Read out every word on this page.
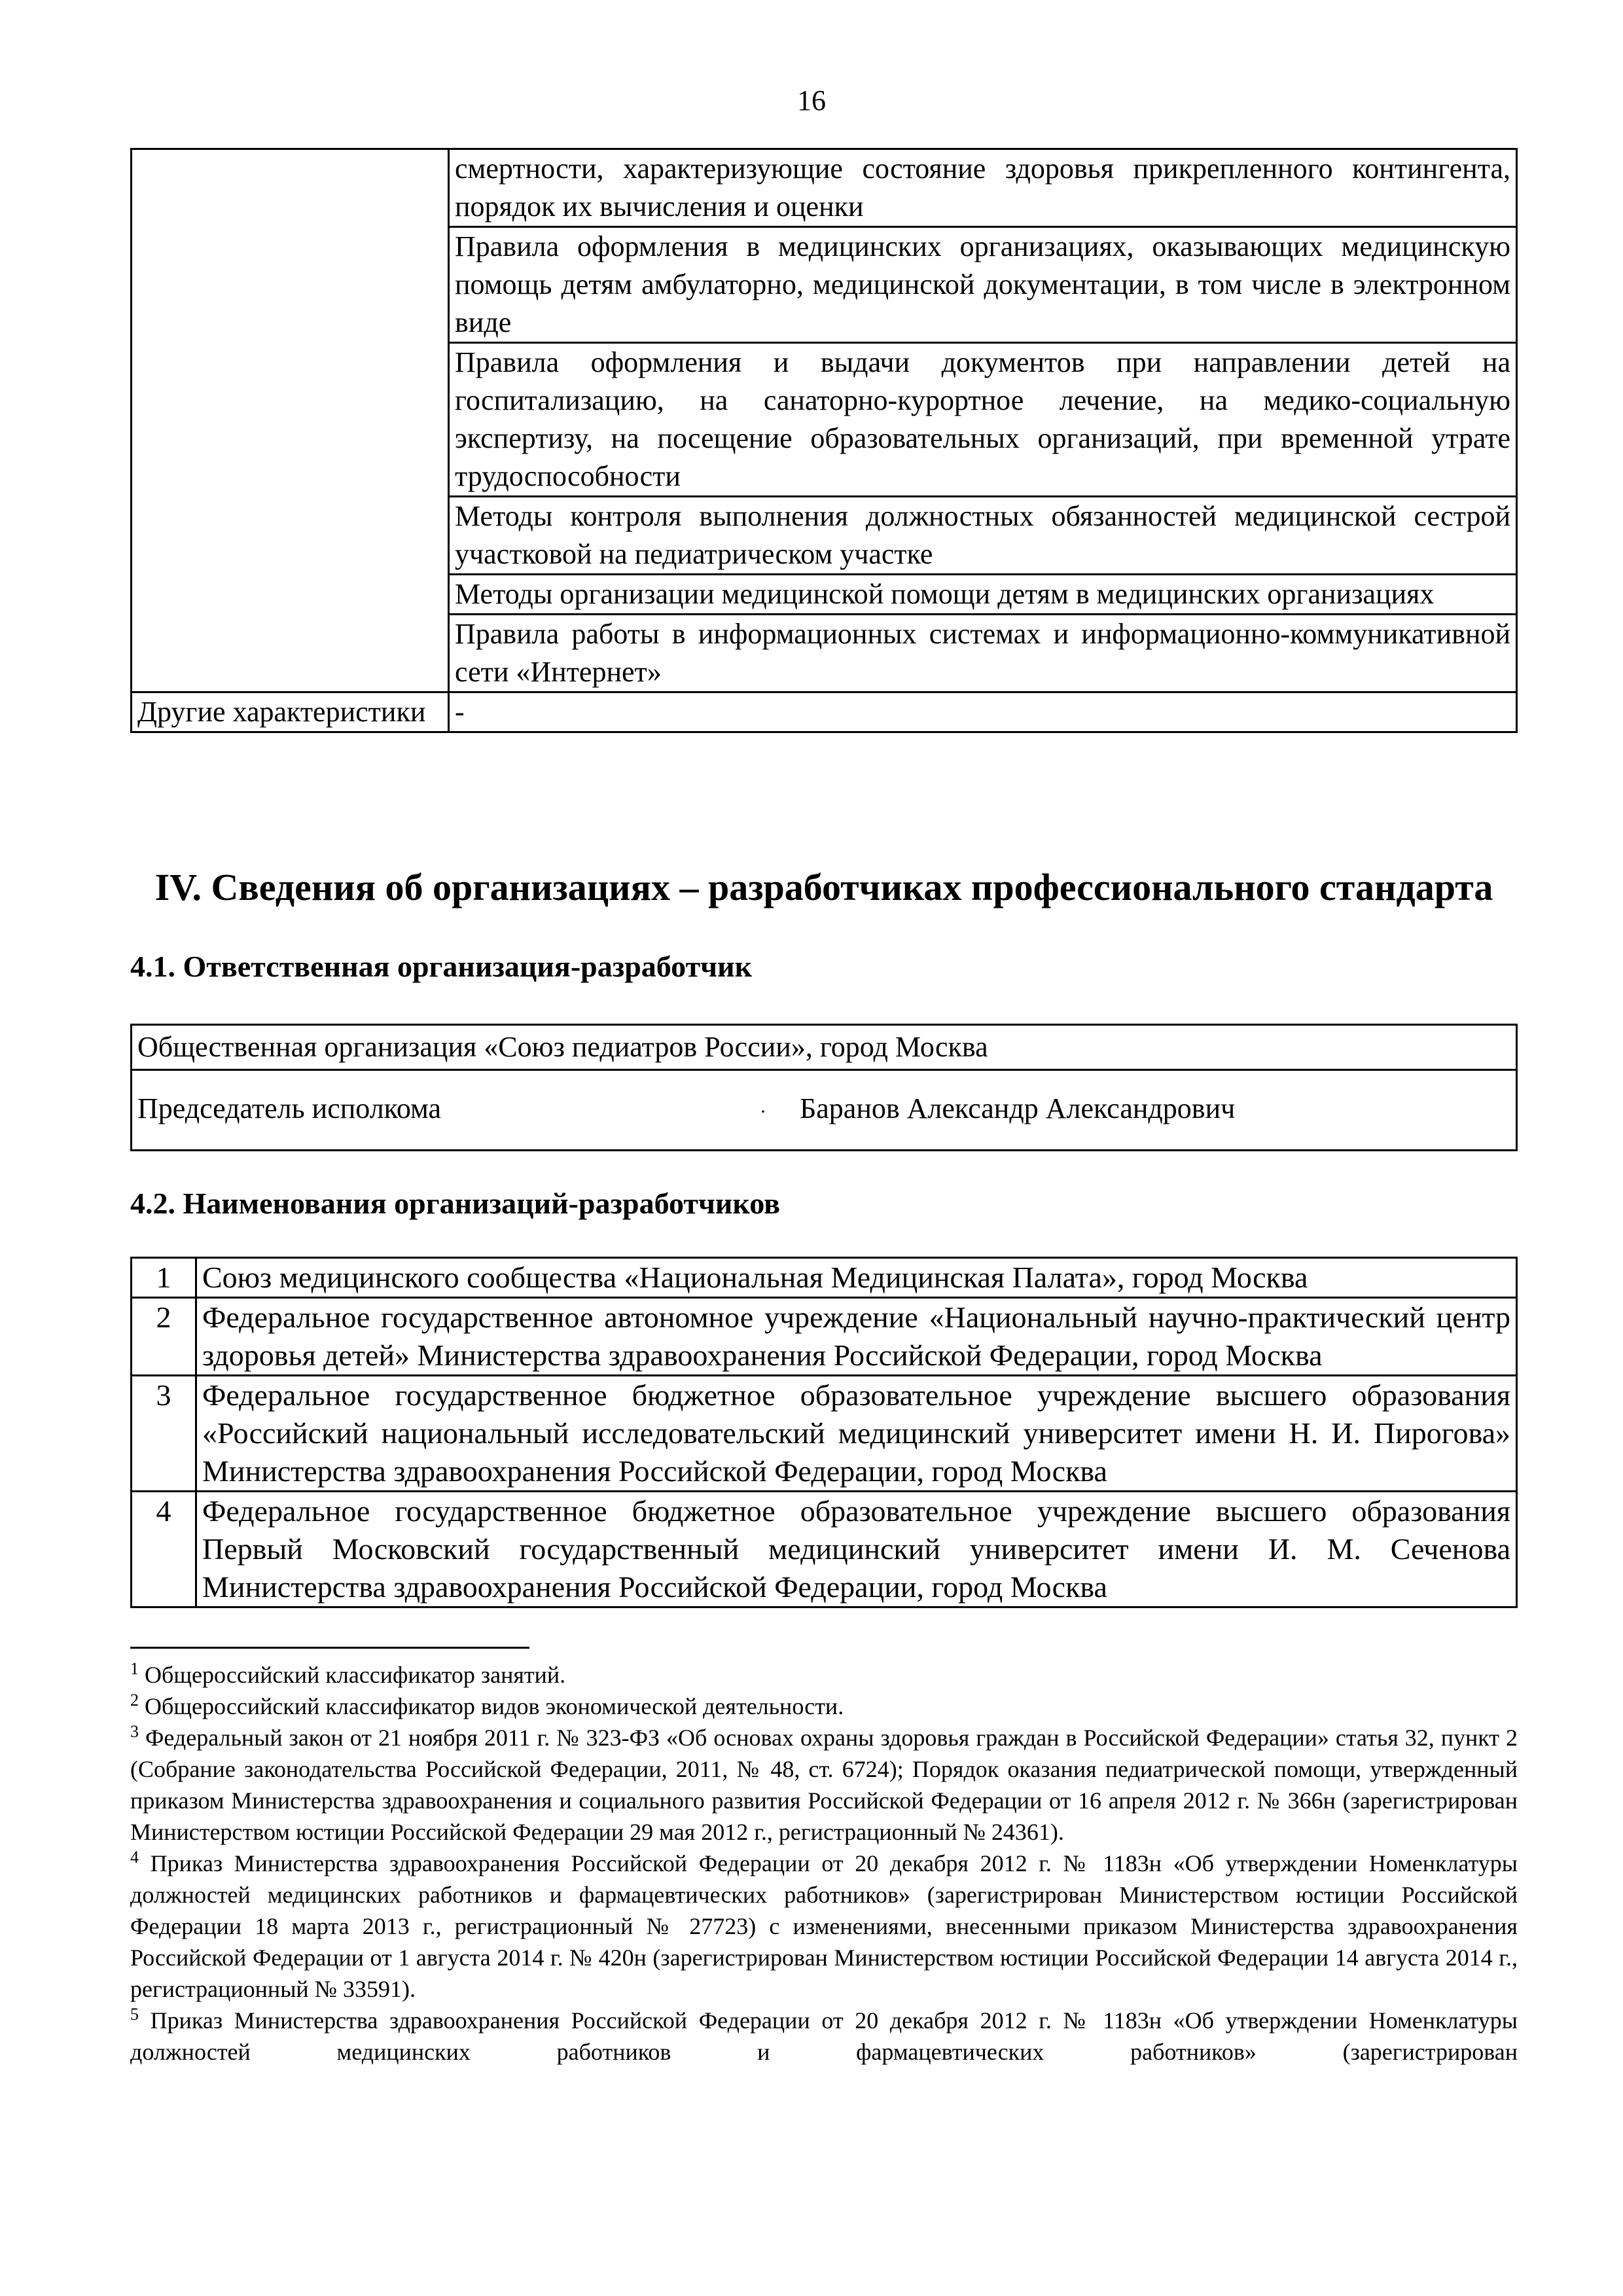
16
	смертности, характеризующие состояние здоровья прикрепленного контингента, порядок их вычисления и оценки
	Правила оформления в медицинских организациях, оказывающих медицинскую помощь детям амбулаторно, медицинской документации, в том числе в электронном виде
	Правила оформления и выдачи документов при направлении детей на госпитализацию, на санаторно-курортное лечение, на медико-социальную экспертизу, на посещение образовательных организаций, при временной утрате трудоспособности
	Методы контроля выполнения должностных обязанностей медицинской сестрой участковой на педиатрическом участке
	Методы организации медицинской помощи детям в медицинских организациях
	Правила работы в информационных системах и информационно-коммуникативной сети «Интернет»
Другие характеристики	-
IV. Сведения об организациях – разработчиках профессионального стандарта
4.1. Ответственная организация-разработчик
Общественная организация «Союз педиатров России», город Москва
Председатель исполкома	· Баранов Александр Александрович
4.2. Наименования организаций-разработчиков
1	Союз медицинского сообщества «Национальная Медицинская Палата», город Москва
2	Федеральное государственное автономное учреждение «Национальный научно-практический центр здоровья детей» Министерства здравоохранения Российской Федерации, город Москва
3	Федеральное государственное бюджетное образовательное учреждение высшего образования «Российский национальный исследовательский медицинский университет имени Н. И. Пирогова» Министерства здравоохранения Российской Федерации, город Москва
4	Федеральное государственное бюджетное образовательное учреждение высшего образования Первый Московский государственный медицинский университет имени И. М. Сеченова Министерства здравоохранения Российской Федерации, город Москва

$^1$ Общероссийский классификатор занятий.

$^2$ Общероссийский классификатор видов экономической деятельности.

$^3$ Федеральный закон от 21 ноября 2011 г. № 323-ФЗ «Об основах охраны здоровья граждан в Российской Федерации» статья 32, пункт 2 (Собрание законодательства Российской Федерации, 2011, № 48, ст. 6724); Порядок оказания педиатрической помощи, утвержденный приказом Министерства здравоохранения и социального развития Российской Федерации от 16 апреля 2012 г. № 366н (зарегистрирован Министерством юстиции Российской Федерации 29 мая 2012 г., регистрационный № 24361).

$^4$ Приказ Министерства здравоохранения Российской Федерации от 20 декабря 2012 г. № 1183н «Об утверждении Номенклатуры должностей медицинских работников и фармацевтических работников» (зарегистрирован Министерством юстиции Российской Федерации 18 марта 2013 г., регистрационный № 27723) с изменениями, внесенными приказом Министерства здравоохранения Российской Федерации от 1 августа 2014 г. № 420н (зарегистрирован Министерством юстиции Российской Федерации 14 августа 2014 г., регистрационный № 33591).

$^5$ Приказ Министерства здравоохранения Российской Федерации от 20 декабря 2012 г. № 1183н «Об утверждении Номенклатуры должностей медицинских работников и фармацевтических работников» (зарегистрирован
